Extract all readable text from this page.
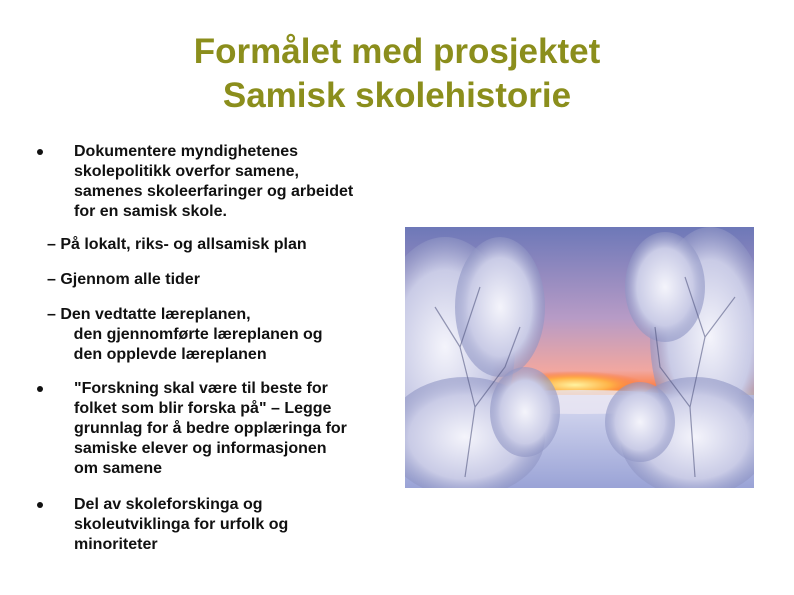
Formålet med prosjektet
Samisk skolehistorie
Dokumentere myndighetenes
skolepolitikk overfor samene,
samenes skoleerfaringer og arbeidet
for en samisk skole.
– På lokalt, riks- og allsamisk plan
– Gjennom alle tider
– Den vedtatte læreplanen,
den gjennomførte læreplanen og
den opplevde læreplanen
"Forskning skal være til beste for
folket som blir forska på" – Legge
grunnlag for å bedre opplæringa for
samiske elever og informasjonen
om samene
Del av skoleforskinga og
skoleutviklinga for urfolk og
minoriteter
